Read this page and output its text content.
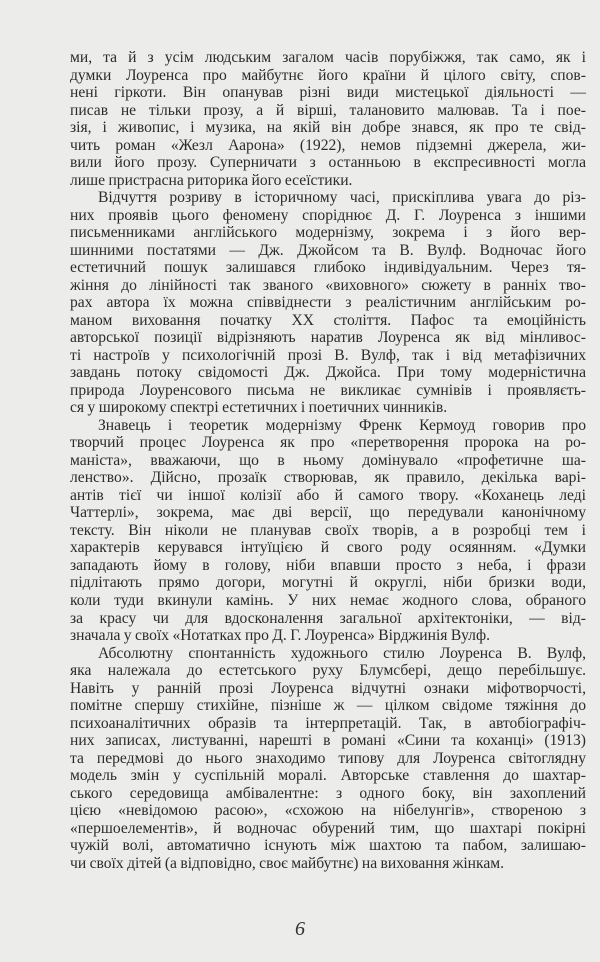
ми, та й з усім людським загалом часів порубіжжя, так само, як і
думки Лоуренса про майбутнє його країни й цілого світу, спов-
нені гіркоти. Він опанував різні види мистецької діяльності —
писав не тільки прозу, а й вірші, талановито малював. Та і пое-
зія, і живопис, і музика, на якій він добре знався, як про те свід-
чить роман «Жезл Аарона» (1922), немов підземні джерела, жи-
вили його прозу. Суперничати з останньою в експресивності могла
лише пристрасна риторика його есеїстики.
Відчуття розриву в історичному часі, прискіплива увага до різ-
них проявів цього феномену споріднює Д. Г. Лоуренса з іншими
письменниками англійського модернізму, зокрема і з його вер-
шинними постатями — Дж. Джойсом та В. Вулф. Водночас його
естетичний пошук залишався глибоко індивідуальним. Через тя-
жіння до лінійності так званого «виховного» сюжету в ранніх тво-
рах автора їх можна співвіднести з реалістичним англійським ро-
маном виховання початку XX століття. Пафос та емоційність
авторської позиції відрізняють наратив Лоуренса як від мінливос-
ті настроїв у психологічній прозі В. Вулф, так і від метафізичних
завдань потоку свідомості Дж. Джойса. При тому модерністична
природа Лоуренсового письма не викликає сумнівів і проявляєть-
ся у широкому спектрі естетичних і поетичних чинників.
Знавець і теоретик модернізму Френк Кермоуд говорив про
творчий процес Лоуренса як про «перетворення пророка на ро-
маніста», вважаючи, що в ньому домінувало «профетичне ша-
ленство». Дійсно, прозаїк створював, як правило, декілька варі-
антів тієї чи іншої колізії або й самого твору. «Коханець леді
Чаттерлі», зокрема, має дві версії, що передували канонічному
тексту. Він ніколи не планував своїх творів, а в розробці тем і
характерів керувався інтуїцією й свого роду осяянням. «Думки
западають йому в голову, ніби впавши просто з неба, і фрази
підлітають прямо догори, могутні й округлі, ніби бризки води,
коли туди вкинули камінь. У них немає жодного слова, обраного
за красу чи для вдосконалення загальної архітектоніки, — від-
значала у своїх «Нотатках про Д. Г. Лоуренса» Вірджинія Вулф.
Абсолютну спонтанність художнього стилю Лоуренса В. Вулф,
яка належала до естетського руху Блумсбері, дещо перебільшує.
Навіть у ранній прозі Лоуренса відчутні ознаки міфотворчості,
помітне спершу стихійне, пізніше ж — цілком свідоме тяжіння до
психоаналітичних образів та інтерпретацій. Так, в автобіографіч-
них записах, листуванні, нарешті в романі «Сини та коханці» (1913)
та передмові до нього знаходимо типову для Лоуренса світоглядну
модель змін у суспільній моралі. Авторське ставлення до шахтар-
ського середовища амбівалентне: з одного боку, він захоплений
цією «невідомою расою», «схожою на нібелунгів», створеною з
«першоелементів», й водночас обурений тим, що шахтарі покірні
чужій волі, автоматично існують між шахтою та пабом, залишаю-
чи своїх дітей (а відповідно, своє майбутнє) на виховання жінкам.
6
